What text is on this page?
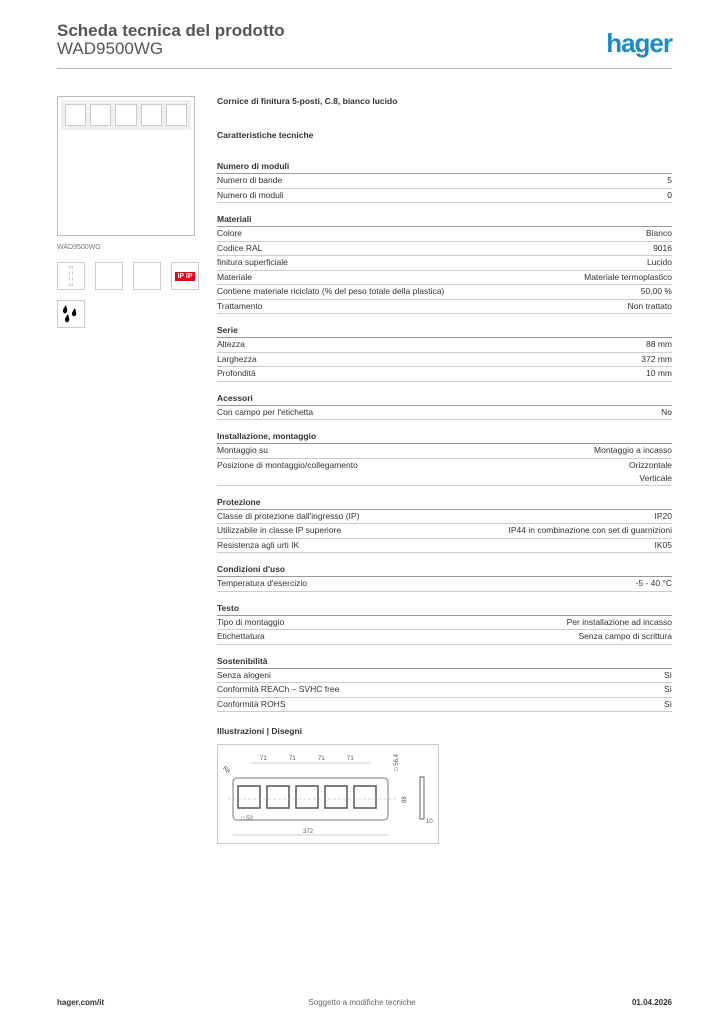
Scheda tecnica del prodotto
WAD9500WG	hager
WAD9500WG
IP IP
Cornice di finitura 5-posti, C.8, bianco lucido
Caratteristiche tecniche
Numero di moduli
Numero di bande	5
Numero di moduli	0
Materiali
Colore	Bianco
Codice RAL	9016
finitura superficiale	Lucido
Materiale	Materiale termoplastico
Contiene materiale riciclato (% del peso totale della plastica)	50,00 %
Trattamento	Non trattato
Serie
Altezza	88 mm
Larghezza	372 mm
Profondità	10 mm
Acessori
Con campo per l'etichetta	No
Installazione, montaggio
Montaggio su	Montaggio a incasso
Posizione di montaggio/collegamento	Orizzontale
Verticale
Protezione
Classe di protezione dall'ingresso (IP)	IP20
Utilizzabile in classe IP superiore	IP44 in combinazione con set di guarnizioni
Resistenza agli urti IK	IK05
Condizioni d'uso
Temperatura d'esercizio	-5 - 40 °C
Testo
Tipo di montaggio	Per installazione ad incasso
Etichettatura	Senza campo di scrittura
Sostenibilità
Senza alogeni	Sì
Conformità REACh – SVHC free	Sì
Conformità ROHS	Sì
Illustrazioni | Disegni
71	71	71	71
R8	□ 56,4
88
□ 52
372
10
hager.com/it	Soggetto a modifiche tecniche	01.04.2026
